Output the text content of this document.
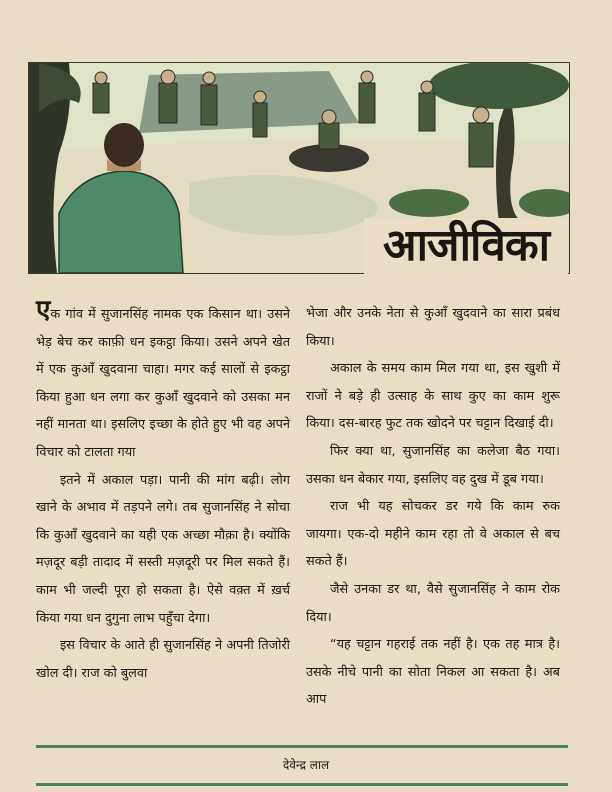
आजीविका

एक गांव में सुजानसिंह नामक एक किसान था। उसने भेड़ बेच कर काफ़ी धन इकट्ठा किया। उसने अपने खेत में एक कुआँ खुदवाना चाहा। मगर कई सालों से इकट्ठा किया हुआ धन लगा कर कुआँ खुदवाने को उसका मन नहीं मानता था। इसलिए इच्छा के होते हुए भी वह अपने विचार को टालता गया

इतने में अकाल पड़ा। पानी की मांग बढ़ी। लोग खाने के अभाव में तड़पने लगे। तब सुजानसिंह ने सोचा कि कुआँ खुदवाने का यही एक अच्छा मौक़ा है। क्योंकि मज़दूर बड़ी तादाद में सस्ती मज़दूरी पर मिल सकते हैं। काम भी जल्दी पूरा हो सकता है। ऐसे वक़्त में ख़र्च किया गया धन दुगुना लाभ पहुँचा देगा।

इस विचार के आते ही सुजानसिंह ने अपनी तिजोरी खोल दी। राज को बुलवा

भेजा और उनके नेता से कुआँ खुदवाने का सारा प्रबंध किया।

अकाल के समय काम मिल गया था, इस खुशी में राजों ने बड़े ही उत्साह के साथ कुए का काम शुरू किया। दस-बारह फुट तक खोदने पर चट्टान दिखाई दी।

फिर क्या था, सुजानसिंह का कलेजा बैठ गया। उसका धन बेकार गया, इसलिए वह दुख में डूब गया।

राज भी यह सोचकर डर गये कि काम रुक जायगा। एक-दो महीने काम रहा तो वे अकाल से बच सकते हैं।

जैसे उनका डर था, वैसे सुजानसिंह ने काम रोक दिया।

“यह चट्टान गहराई तक नहीं है। एक तह मात्र है। उसके नीचे पानी का सोता निकल आ सकता है। अब आप

देवेन्द्र लाल
